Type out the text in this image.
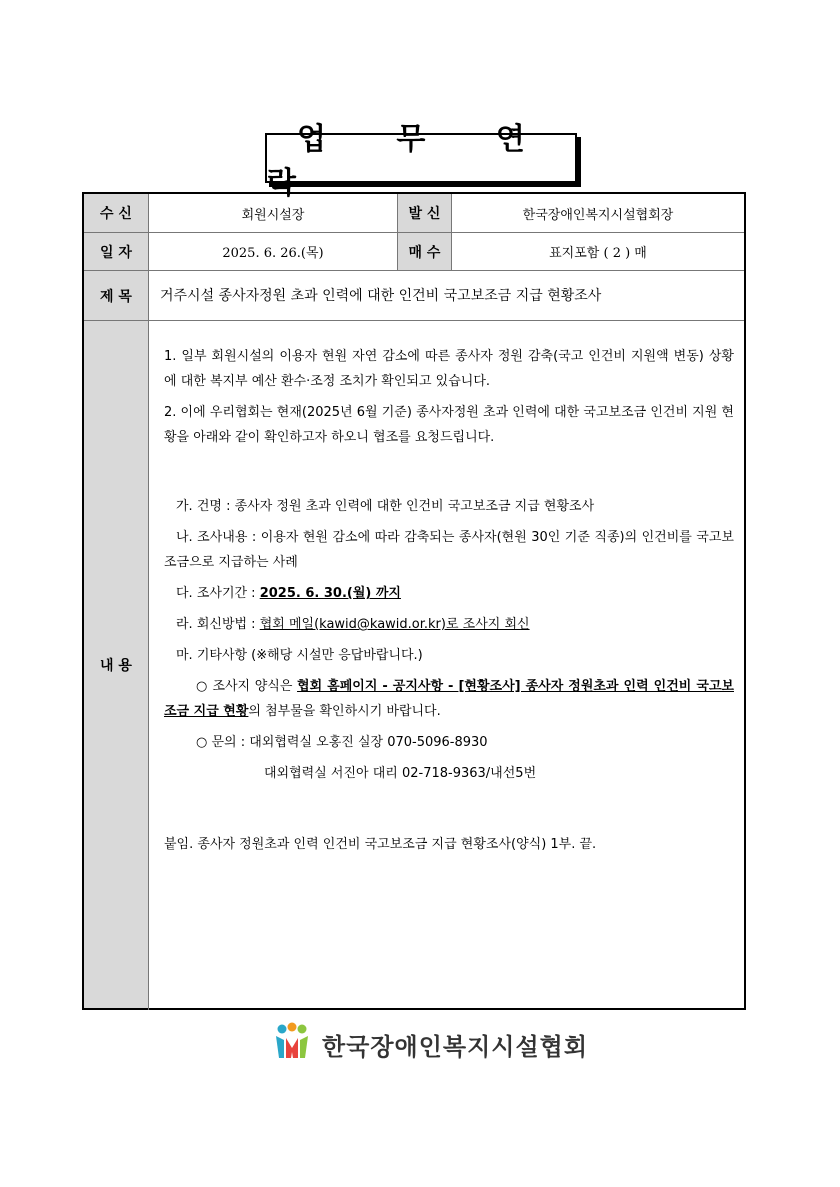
업 무 연 락
수 신	회원시설장	발 신	한국장애인복지시설협회장
일 자	2025. 6. 26.(목)	매 수	표지포함 ( 2 ) 매
제 목	거주시설 종사자정원 초과 인력에 대한 인건비 국고보조금 지급 현황조사
내 용

1. 일부 회원시설의 이용자 현원 자연 감소에 따른 종사자 정원 감축(국고 인건비 지원액 변동) 상황에 대한 복지부 예산 환수·조정 조치가 확인되고 있습니다.

2. 이에 우리협회는 현재(2025년 6월 기준) 종사자정원 초과 인력에 대한 국고보조금 인건비 지원 현황을 아래와 같이 확인하고자 하오니 협조를 요청드립니다.

가. 건명 : 종사자 정원 초과 인력에 대한 인건비 국고보조금 지급 현황조사

나. 조사내용 : 이용자 현원 감소에 따라 감축되는 종사자(현원 30인 기준 직종)의 인건비를 국고보조금으로 지급하는 사례

다. 조사기간 : 2025. 6. 30.(월) 까지

라. 회신방법 : 협회 메일(kawid@kawid.or.kr)로 조사지 회신

마. 기타사항 (※해당 시설만 응답바랍니다.)

○ 조사지 양식은 협회 홈페이지 - 공지사항 - [현황조사] 종사자 정원초과 인력 인건비 국고보조금 지급 현황의 첨부물을 확인하시기 바랍니다.

○ 문의 : 대외협력실 오홍진 실장 070-5096-8930

대외협력실 서진아 대리 02-718-9363/내선5번

붙임. 종사자 정원초과 인력 인건비 국고보조금 지급 현황조사(양식) 1부. 끝.

한국장애인복지시설협회
